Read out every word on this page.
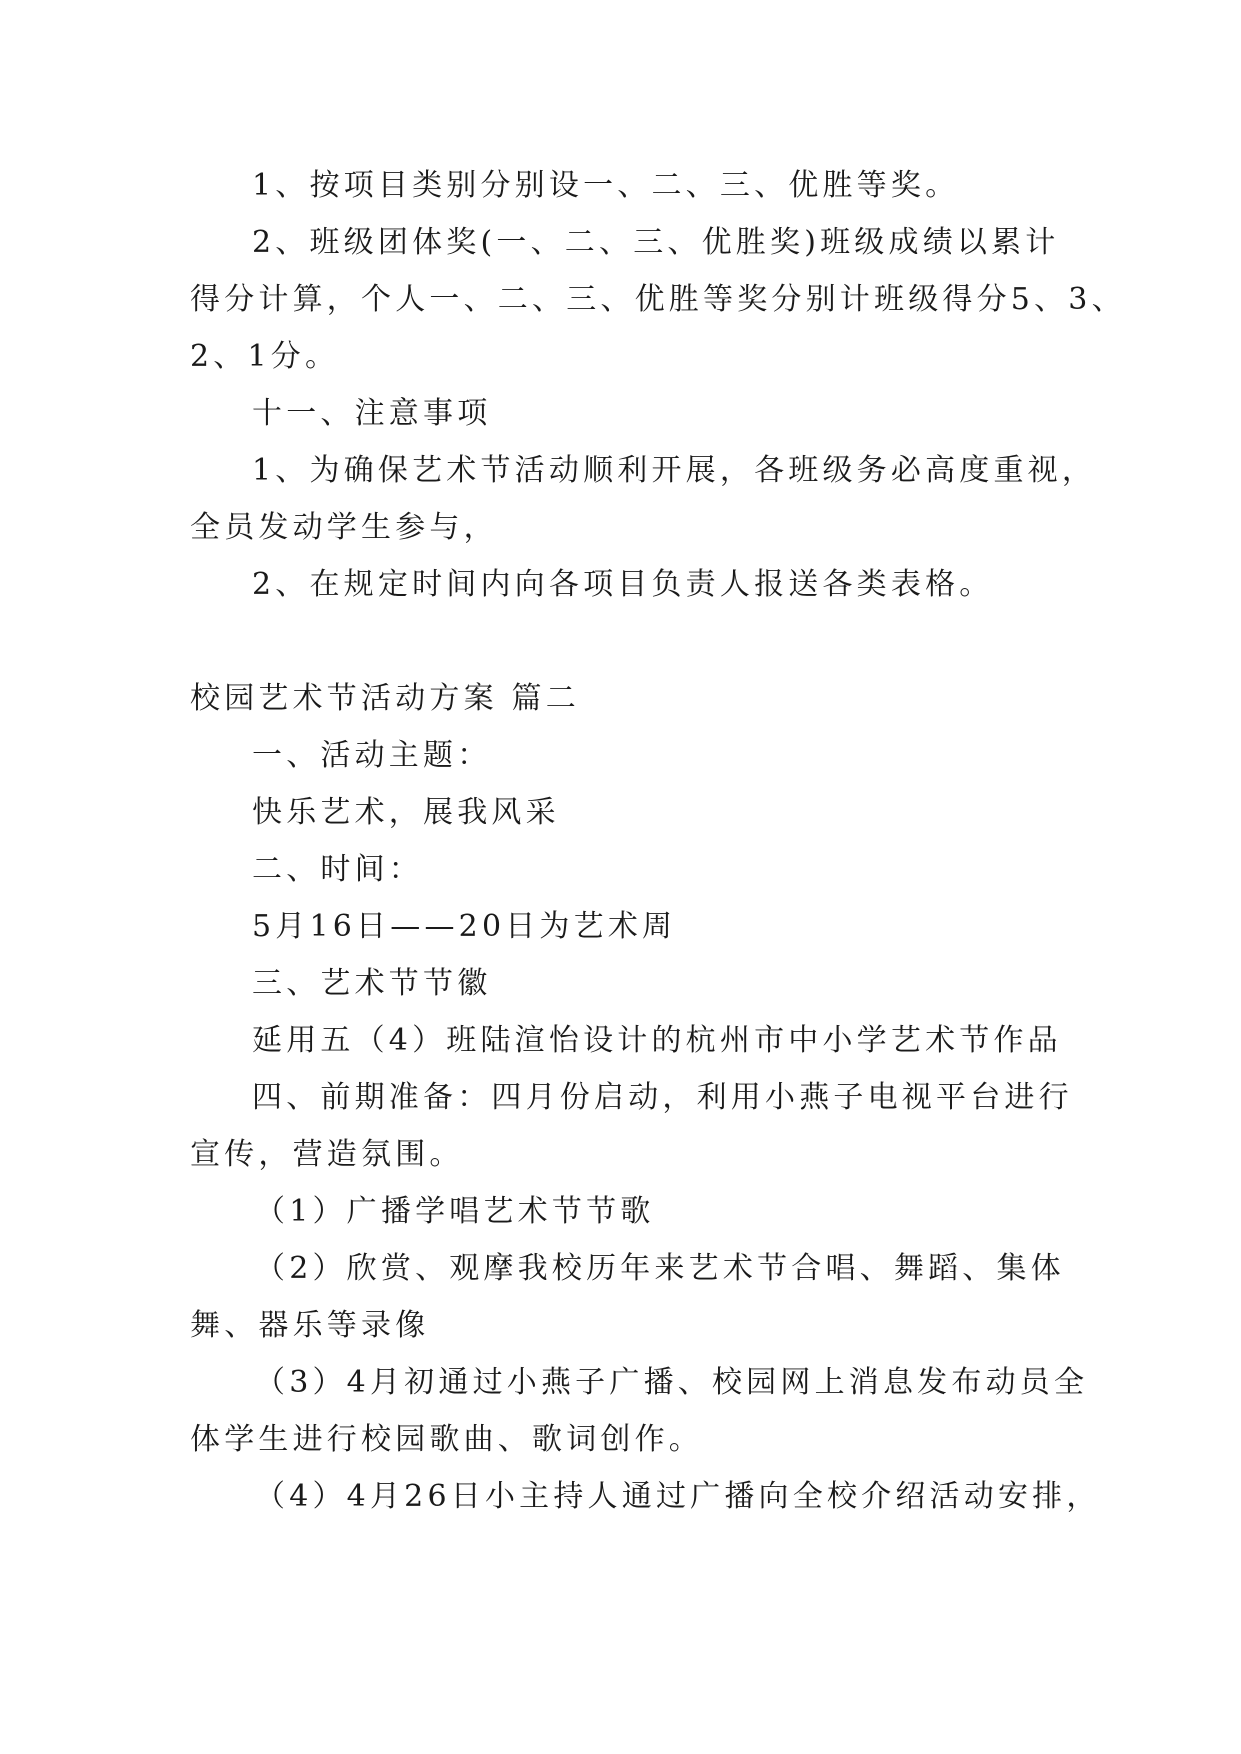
1、按项目类别分别设一、二、三、优胜等奖。
2、班级团体奖(一、二、三、优胜奖)班级成绩以累计
得分计算，个人一、二、三、优胜等奖分别计班级得分5、3、
2、1分。
十一、注意事项
1、为确保艺术节活动顺利开展，各班级务必高度重视，
全员发动学生参与，
2、在规定时间内向各项目负责人报送各类表格。
校园艺术节活动方案 篇二
一、活动主题：
快乐艺术，展我风采
二、时间：
5月16日——20日为艺术周
三、艺术节节徽
延用五（4）班陆渲怡设计的杭州市中小学艺术节作品
四、前期准备：四月份启动，利用小燕子电视平台进行
宣传，营造氛围。
（1）广播学唱艺术节节歌
（2）欣赏、观摩我校历年来艺术节合唱、舞蹈、集体
舞、器乐等录像
（3）4月初通过小燕子广播、校园网上消息发布动员全
体学生进行校园歌曲、歌词创作。
（4）4月26日小主持人通过广播向全校介绍活动安排，
